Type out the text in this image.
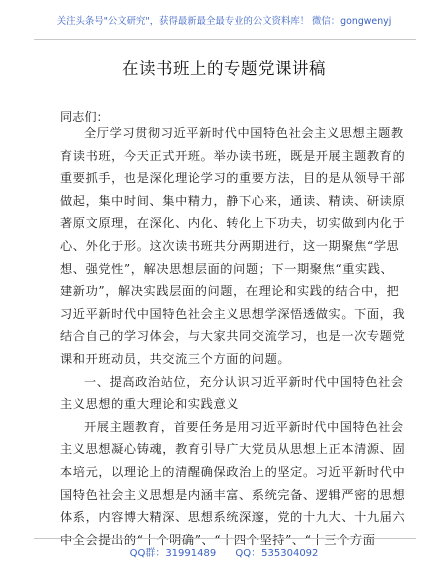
关注头条号"公文研究"，获得最新最全最专业的公文资料库！ 微信：gongwenyj
在读书班上的专题党课讲稿
同志们：
全厅学习贯彻习近平新时代中国特色社会主义思想主题教
育读书班，今天正式开班。举办读书班，既是开展主题教育的
重要抓手，也是深化理论学习的重要方法，目的是从领导干部
做起，集中时间、集中精力，静下心来，通读、精读、研读原
著原文原理，在深化、内化、转化上下功夫，切实做到内化于
心、外化于形。这次读书班共分两期进行，这一期聚焦“学思
想、强党性”，解决思想层面的问题；下一期聚焦“重实践、
建新功”，解决实践层面的问题，在理论和实践的结合中，把
习近平新时代中国特色社会主义思想学深悟透做实。下面，我
结合自己的学习体会，与大家共同交流学习，也是一次专题党
课和开班动员，共交流三个方面的问题。
一、提高政治站位，充分认识习近平新时代中国特色社会
主义思想的重大理论和实践意义
开展主题教育，首要任务是用习近平新时代中国特色社会
主义思想凝心铸魂，教育引导广大党员从思想上正本清源、固
本培元，以理论上的清醒确保政治上的坚定。习近平新时代中
国特色社会主义思想是内涵丰富、系统完备、逻辑严密的思想
体系，内容博大精深、思想系统深邃，党的十九大、十九届六
中全会提出的“十个明确”、“十四个坚持”、“十三个方面
QQ群：31991489 QQ：535304092
